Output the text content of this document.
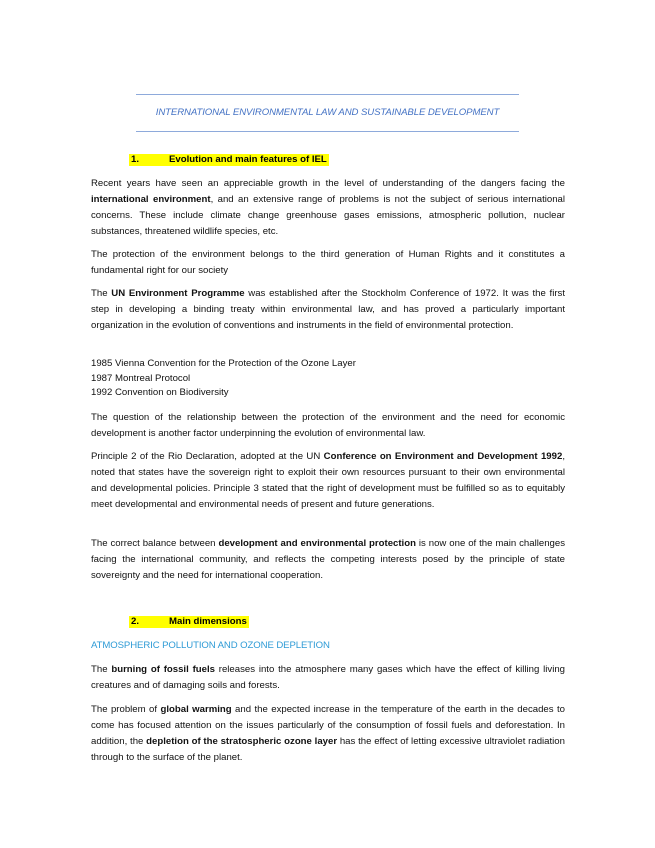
INTERNATIONAL ENVIRONMENTAL LAW AND SUSTAINABLE DEVELOPMENT
1.	Evolution and main features of IEL
Recent years have seen an appreciable growth in the level of understanding of the dangers facing the international environment, and an extensive range of problems is not the subject of serious international concerns. These include climate change greenhouse gases emissions, atmospheric pollution, nuclear substances, threatened wildlife species, etc.
The protection of the environment belongs to the third generation of Human Rights and it constitutes a fundamental right for our society
The UN Environment Programme was established after the Stockholm Conference of 1972. It was the first step in developing a binding treaty within environmental law, and has proved a particularly important organization in the evolution of conventions and instruments in the field of environmental protection.
1985 Vienna Convention for the Protection of the Ozone Layer
1987 Montreal Protocol
1992 Convention on Biodiversity
The question of the relationship between the protection of the environment and the need for economic development is another factor underpinning the evolution of environmental law.
Principle 2 of the Rio Declaration, adopted at the UN Conference on Environment and Development 1992, noted that states have the sovereign right to exploit their own resources pursuant to their own environmental and developmental policies. Principle 3 stated that the right of development must be fulfilled so as to equitably meet developmental and environmental needs of present and future generations.
The correct balance between development and environmental protection is now one of the main challenges facing the international community, and reflects the competing interests posed by the principle of state sovereignty and the need for international cooperation.
2.	Main dimensions
ATMOSPHERIC POLLUTION AND OZONE DEPLETION
The burning of fossil fuels releases into the atmosphere many gases which have the effect of killing living creatures and of damaging soils and forests.
The problem of global warming and the expected increase in the temperature of the earth in the decades to come has focused attention on the issues particularly of the consumption of fossil fuels and deforestation. In addition, the depletion of the stratospheric ozone layer has the effect of letting excessive ultraviolet radiation through to the surface of the planet.
